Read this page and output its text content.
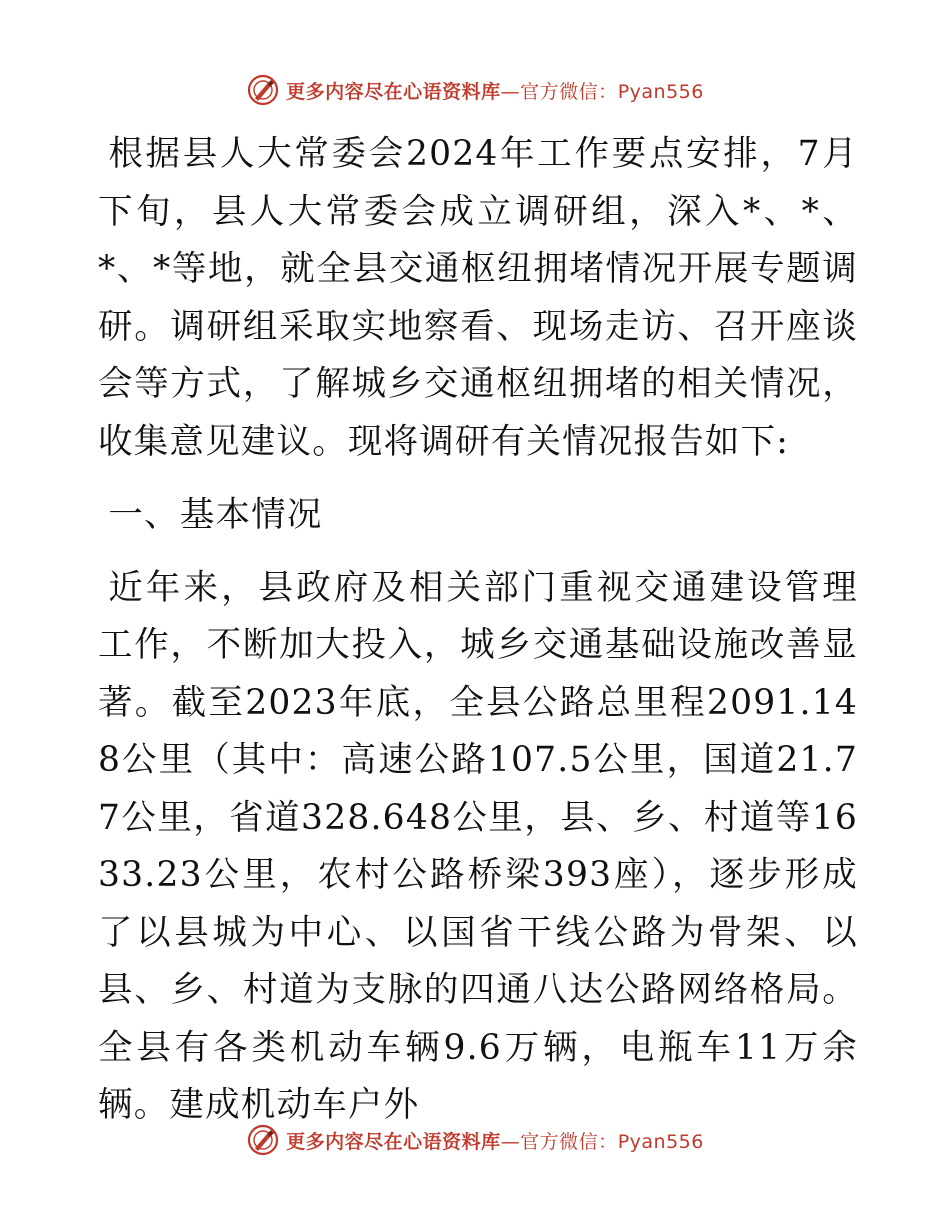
更多内容尽在心语资料库—官方微信：Pyan556

根据县人大常委会2024年工作要点安排，7月下旬，县人大常委会成立调研组，深入*、*、*、*等地，就全县交通枢纽拥堵情况开展专题调研。调研组采取实地察看、现场走访、召开座谈会等方式，了解城乡交通枢纽拥堵的相关情况，收集意见建议。现将调研有关情况报告如下:

一、基本情况

近年来，县政府及相关部门重视交通建设管理工作，不断加大投入，城乡交通基础设施改善显著。截至2023年底，全县公路总里程2091.148公里（其中：高速公路107.5公里，国道21.77公里，省道328.648公里，县、乡、村道等1633.23公里，农村公路桥梁393座），逐步形成了以县城为中心、以国省干线公路为骨架、以县、乡、村道为支脉的四通八达公路网络格局。全县有各类机动车辆9.6万辆，电瓶车11万余辆。建成机动车户外

更多内容尽在心语资料库—官方微信：Pyan556
